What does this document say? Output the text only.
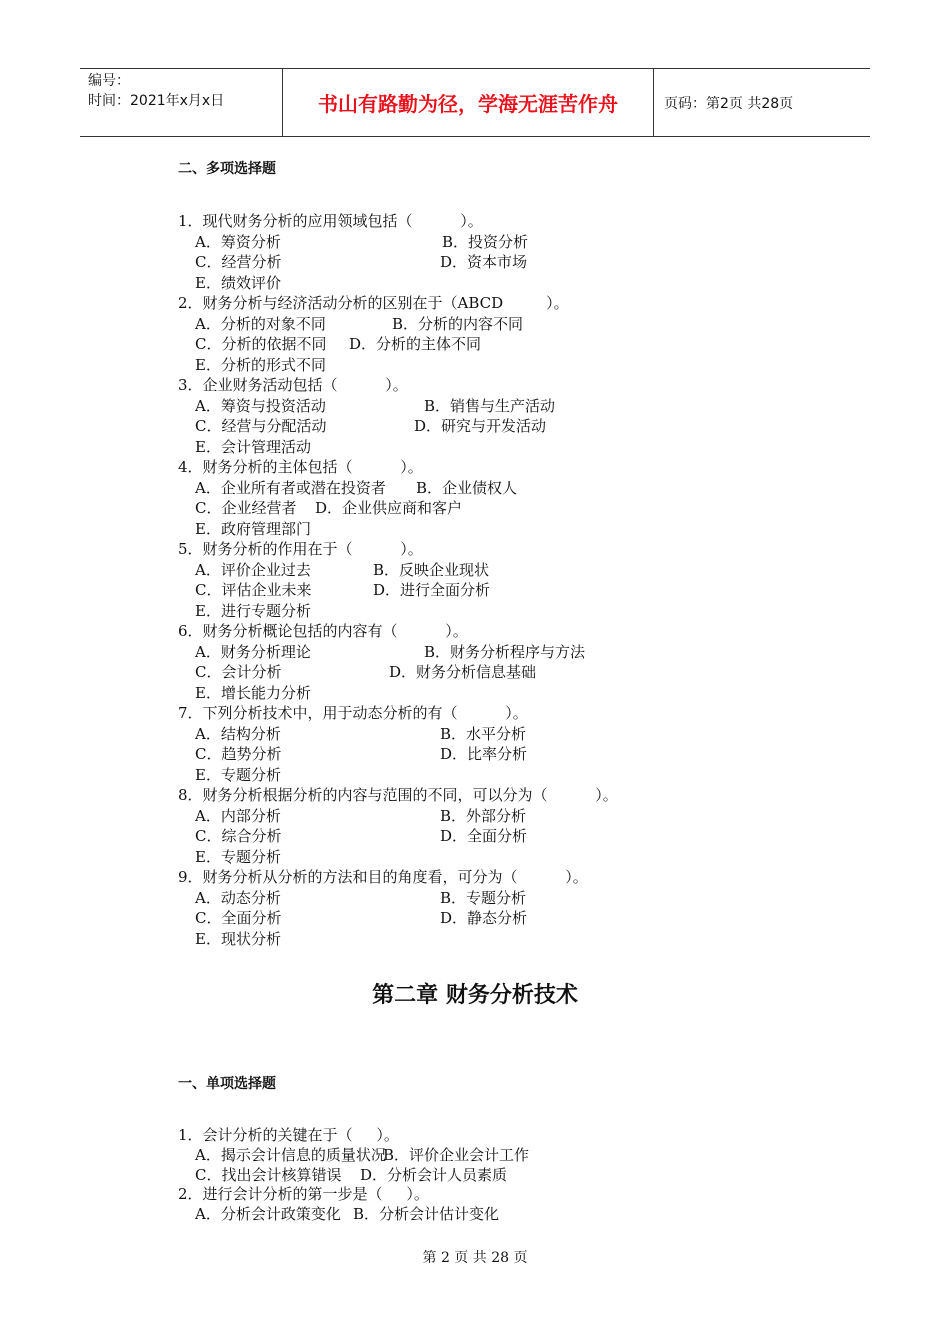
编号：
时间：2021年x月x日	书山有路勤为径，学海无涯苦作舟	页码：第2页 共28页
二、多项选择题
1．现代财务分析的应用领域包括（          ）。
A．筹资分析	B．投资分析
C．经营分析	D．资本市场
E．绩效评价
2．财务分析与经济活动分析的区别在于（ABCD         ）。
A．分析的对象不同	B．分析的内容不同
C．分析的依据不同 D．分析的主体不同
E．分析的形式不同
3．企业财务活动包括（          ）。
A．筹资与投资活动	B．销售与生产活动
C．经营与分配活动	D．研究与开发活动
E．会计管理活动
4．财务分析的主体包括（          ）。
A．企业所有者或潜在投资者 B．企业债权人
C．企业经营者 D．企业供应商和客户
E．政府管理部门
5．财务分析的作用在于（          ）。
A．评价企业过去	B．反映企业现状
C．评估企业未来	D．进行全面分析
E．进行专题分析
6．财务分析概论包括的内容有（          ）。
A．财务分析理论	B．财务分析程序与方法
C．会计分析	D．财务分析信息基础
E．增长能力分析
7．下列分析技术中，用于动态分析的有（          ）。
A．结构分析	B．水平分析
C．趋势分析	D．比率分析
E．专题分析
8．财务分析根据分析的内容与范围的不同，可以分为（          ）。
A．内部分析	B．外部分析
C．综合分析	D．全面分析
E．专题分析
9．财务分析从分析的方法和目的角度看，可分为（          ）。
A．动态分析	B．专题分析
C．全面分析	D．静态分析
E．现状分析
第二章 财务分析技术
一、单项选择题
1．会计分析的关键在于（     ）。
A．揭示会计信息的质量状况
B．评价企业会计工作
C．找出会计核算错误 D．分析会计人员素质
2．进行会计分析的第一步是（     ）。
A．分析会计政策变化 B．分析会计估计变化
第 2 页 共 28 页
